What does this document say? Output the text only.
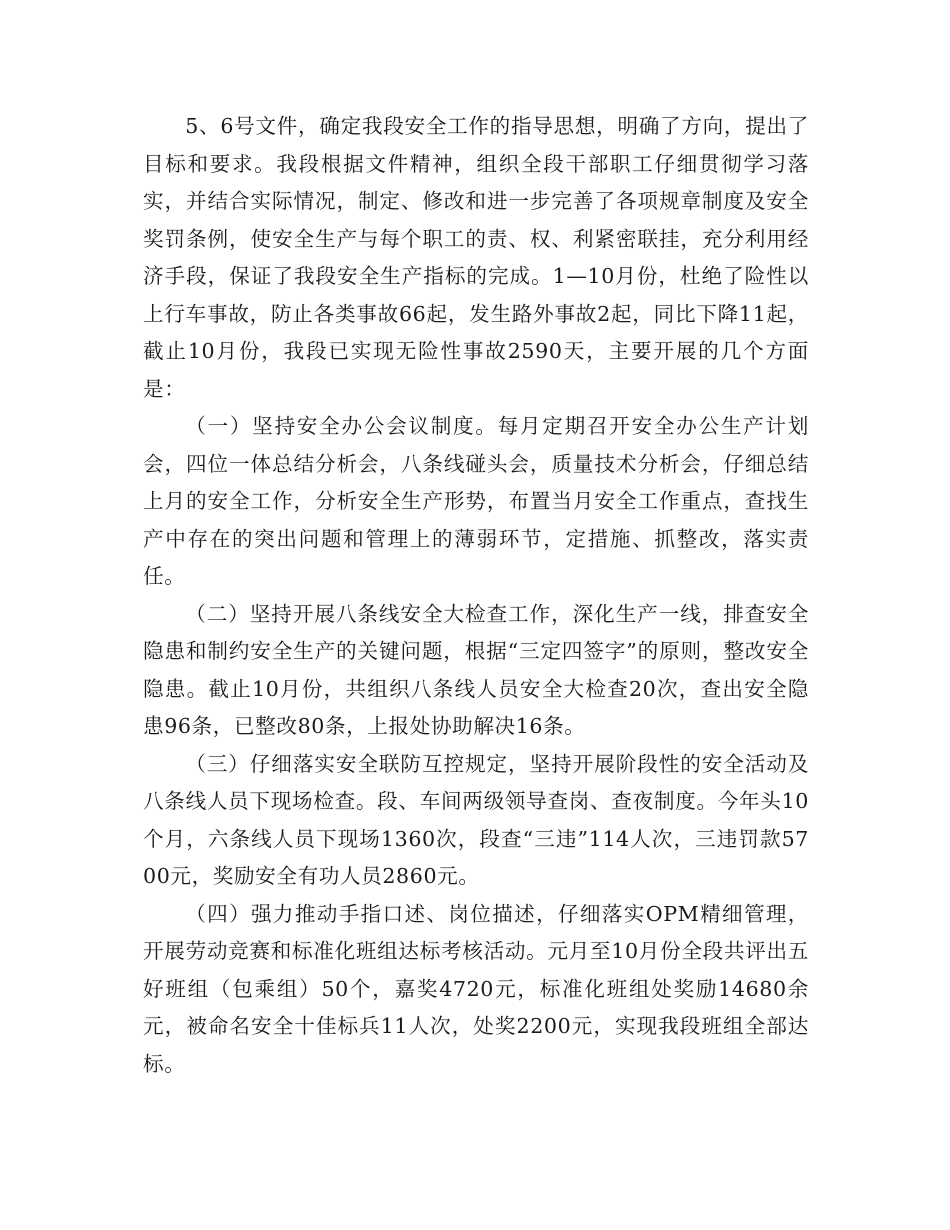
5、6号文件，确定我段安全工作的指导思想，明确了方向，提出了目标和要求。我段根据文件精神，组织全段干部职工仔细贯彻学习落实，并结合实际情况，制定、修改和进一步完善了各项规章制度及安全奖罚条例，使安全生产与每个职工的责、权、利紧密联挂，充分利用经济手段，保证了我段安全生产指标的完成。1—10月份，杜绝了险性以上行车事故，防止各类事故66起，发生路外事故2起，同比下降11起，截止10月份，我段已实现无险性事故2590天，主要开展的几个方面是：

（一）坚持安全办公会议制度。每月定期召开安全办公生产计划会，四位一体总结分析会，八条线碰头会，质量技术分析会，仔细总结上月的安全工作，分析安全生产形势，布置当月安全工作重点，查找生产中存在的突出问题和管理上的薄弱环节，定措施、抓整改，落实责任。

（二）坚持开展八条线安全大检查工作，深化生产一线，排查安全隐患和制约安全生产的关键问题，根据“三定四签字”的原则，整改安全隐患。截止10月份，共组织八条线人员安全大检查20次，查出安全隐患96条，已整改80条，上报处协助解决16条。

（三）仔细落实安全联防互控规定，坚持开展阶段性的安全活动及八条线人员下现场检查。段、车间两级领导查岗、查夜制度。今年头10个月，六条线人员下现场1360次，段查“三违”114人次，三违罚款5700元，奖励安全有功人员2860元。

（四）强力推动手指口述、岗位描述，仔细落实OPM精细管理，开展劳动竞赛和标准化班组达标考核活动。元月至10月份全段共评出五好班组（包乘组）50个，嘉奖4720元，标准化班组处奖励14680余元，被命名安全十佳标兵11人次，处奖2200元，实现我段班组全部达标。
